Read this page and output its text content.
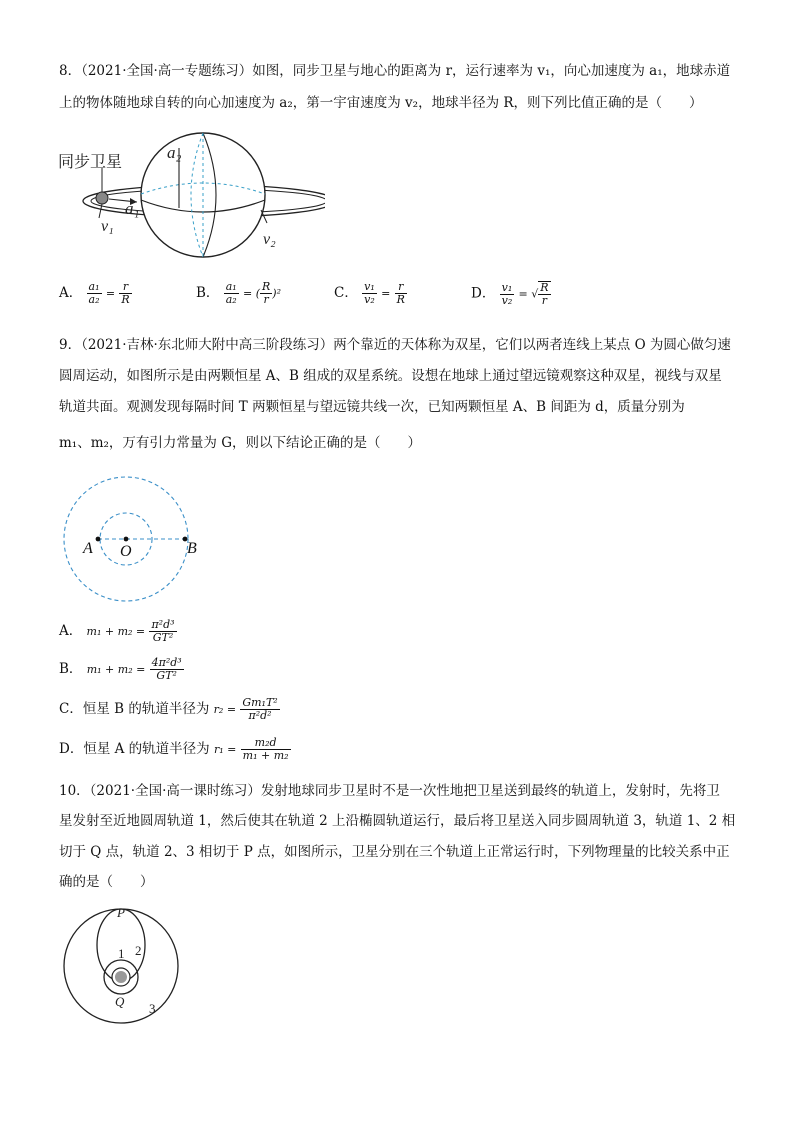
8．（2021·全国·高一专题练习）如图，同步卫星与地心的距离为 r，运行速率为 v₁，向心加速度为 a₁，地球赤道
上的物体随地球自转的向心加速度为 a₂，第一宇宙速度为 v₂，地球半径为 R，则下列比值正确的是（　　）
同步卫星
a₂
a₁
v₁
v₂
A． $\frac{\text{a₁}}{\text{a₂}} = \frac{r}{R}$	B． $\frac{\text{a₁}}{\text{a₂}}$ = ( $\frac{R}{r} )^2$	C． $\frac{\text{v₁}}{\text{v₂}} = \frac{r}{R}$	D． $\frac{\text{v₁}}{\text{v₂}}$ = √ $\frac{R}{r}$
9．（2021·吉林·东北师大附中高三阶段练习）两个靠近的天体称为双星，它们以两者连线上某点 O 为圆心做匀速
圆周运动，如图所示是由两颗恒星 A、B 组成的双星系统。设想在地球上通过望远镜观察这种双星，视线与双星
轨道共面。观测发现每隔时间 T 两颗恒星与望远镜共线一次，已知两颗恒星 A、B 间距为 d，质量分别为
m₁、m₂，万有引力常量为 G，则以下结论正确的是（　　）
A O	B
A． $m_1 + m_2 = \frac{\text{π²d³}}{\text{GT²}}$
B． $m_1 + m_2 = \frac{\text{4π²d³}}{\text{GT²}}$
C．恒星 B 的轨道半径为 $r_2 = \frac{\text{Gm₁T²}}{\text{π²d²}}$
D．恒星 A 的轨道半径为 $r_1 = \frac{\text{m₂d}}{\text{m₁ + m₂}}$
10．（2021·全国·高一课时练习）发射地球同步卫星时不是一次性地把卫星送到最终的轨道上，发射时，先将卫
星发射至近地圆周轨道 1，然后使其在轨道 2 上沿椭圆轨道运行，最后将卫星送入同步圆周轨道 3，轨道 1、2 相
切于 Q 点，轨道 2、3 相切于 P 点，如图所示，卫星分别在三个轨道上正常运行时，下列物理量的比较关系中正
确的是（　　）
P
Q
1 2
3
